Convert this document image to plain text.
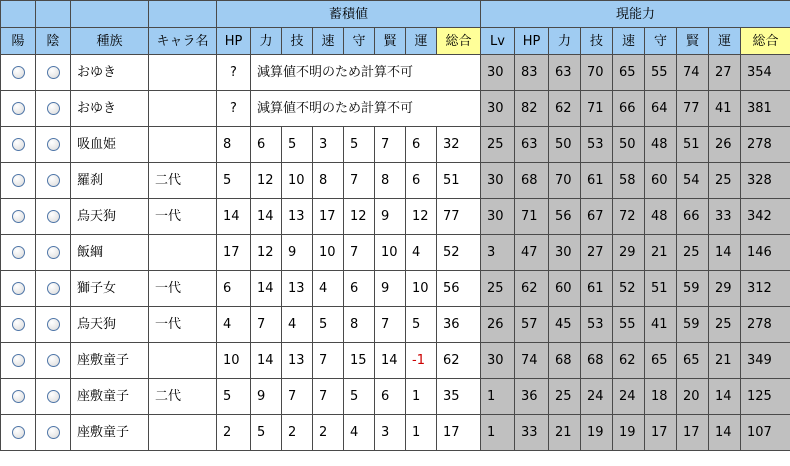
				蓄積値								現能力								
陽	陰	種族	キャラ名	HP	力	技	速	守	賢	運	総合	Lv	HP	力	技	速	守	賢	運	総合
		おゆき		?	減算値不明のため計算不可							30	83	63	70	65	55	74	27	354
		おゆき		?	減算値不明のため計算不可							30	82	62	71	66	64	77	41	381
		吸血姫		8	6	5	3	5	7	6	32	25	63	50	53	50	48	51	26	278
		羅刹	二代	5	12	10	8	7	8	6	51	30	68	70	61	58	60	54	25	328
		烏天狗	一代	14	14	13	17	12	9	12	77	30	71	56	67	72	48	66	33	342
		飯綱		17	12	9	10	7	10	4	52	3	47	30	27	29	21	25	14	146
		獅子女	一代	6	14	13	4	6	9	10	56	25	62	60	61	52	51	59	29	312
		烏天狗	一代	4	7	4	5	8	7	5	36	26	57	45	53	55	41	59	25	278
		座敷童子		10	14	13	7	15	14	-1	62	30	74	68	68	62	65	65	21	349
		座敷童子	二代	5	9	7	7	5	6	1	35	1	36	25	24	24	18	20	14	125
		座敷童子		2	5	2	2	4	3	1	17	1	33	21	19	19	17	17	14	107
